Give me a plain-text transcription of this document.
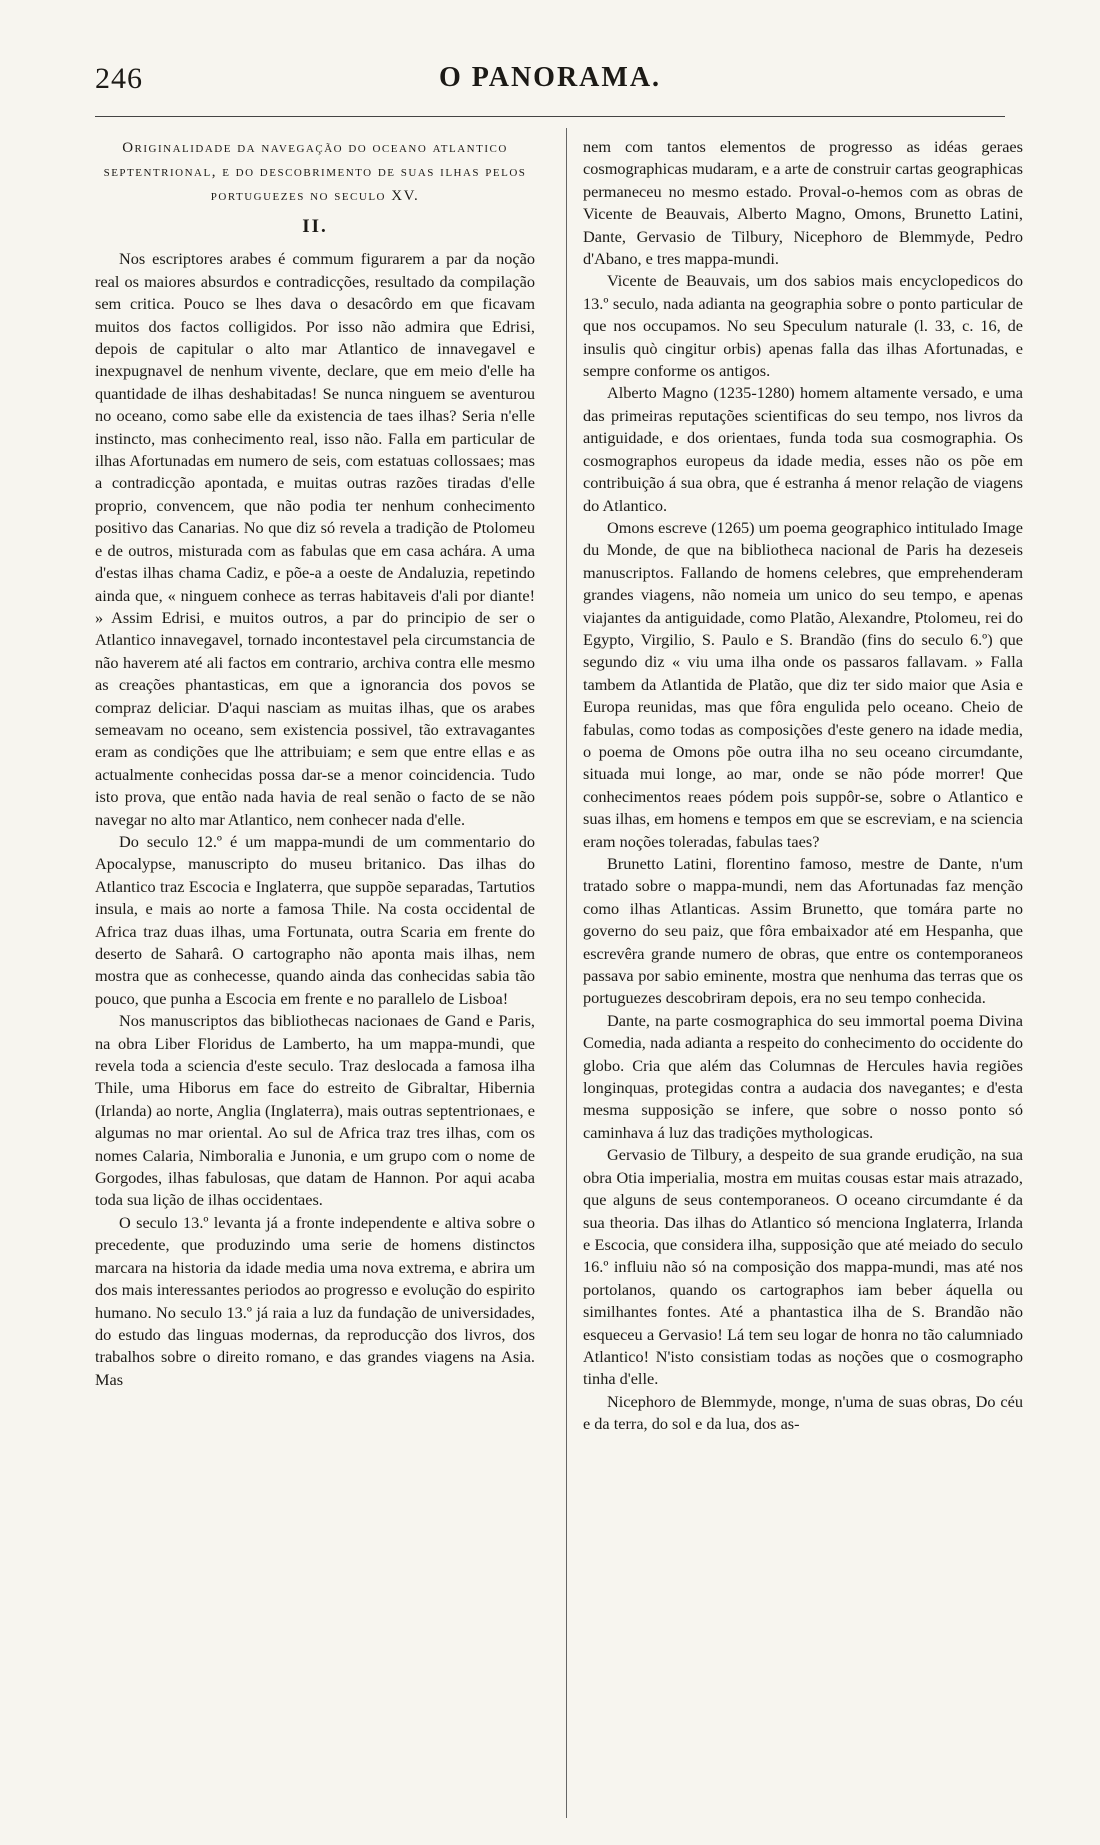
246	O PANORAMA.
Originalidade da navegação do oceano atlantico septentrional, e do descobrimento de suas ilhas pelos portuguezes no seculo XV.
II.

Nos escriptores arabes é commum figurarem a par da noção real os maiores absurdos e contradicções, resultado da compilação sem critica. Pouco se lhes dava o desacôrdo em que ficavam muitos dos factos colligidos. Por isso não admira que Edrisi, depois de capitular o alto mar Atlantico de innavegavel e inexpugnavel de nenhum vivente, declare, que em meio d'elle ha quantidade de ilhas deshabitadas! Se nunca ninguem se aventurou no oceano, como sabe elle da existencia de taes ilhas? Seria n'elle instincto, mas conhecimento real, isso não. Falla em particular de ilhas Afortunadas em numero de seis, com estatuas collossaes; mas a contradicção apontada, e muitas outras razões tiradas d'elle proprio, convencem, que não podia ter nenhum conhecimento positivo das Canarias. No que diz só revela a tradição de Ptolomeu e de outros, misturada com as fabulas que em casa achára. A uma d'estas ilhas chama Cadiz, e põe-a a oeste de Andaluzia, repetindo ainda que, « ninguem conhece as terras habitaveis d'ali por diante! » Assim Edrisi, e muitos outros, a par do principio de ser o Atlantico innavegavel, tornado incontestavel pela circumstancia de não haverem até ali factos em contrario, archiva contra elle mesmo as creações phantasticas, em que a ignorancia dos povos se compraz deliciar. D'aqui nasciam as muitas ilhas, que os arabes semeavam no oceano, sem existencia possivel, tão extravagantes eram as condições que lhe attribuiam; e sem que entre ellas e as actualmente conhecidas possa dar-se a menor coincidencia. Tudo isto prova, que então nada havia de real senão o facto de se não navegar no alto mar Atlantico, nem conhecer nada d'elle.

Do seculo 12.º é um mappa-mundi de um commentario do Apocalypse, manuscripto do museu britanico. Das ilhas do Atlantico traz Escocia e Inglaterra, que suppõe separadas, Tartutios insula, e mais ao norte a famosa Thile. Na costa occidental de Africa traz duas ilhas, uma Fortunata, outra Scaria em frente do deserto de Saharâ. O cartographo não aponta mais ilhas, nem mostra que as conhecesse, quando ainda das conhecidas sabia tão pouco, que punha a Escocia em frente e no parallelo de Lisboa!

Nos manuscriptos das bibliothecas nacionaes de Gand e Paris, na obra Liber Floridus de Lamberto, ha um mappa-mundi, que revela toda a sciencia d'este seculo. Traz deslocada a famosa ilha Thile, uma Hiborus em face do estreito de Gibraltar, Hibernia (Irlanda) ao norte, Anglia (Inglaterra), mais outras septentrionaes, e algumas no mar oriental. Ao sul de Africa traz tres ilhas, com os nomes Calaria, Nimboralia e Junonia, e um grupo com o nome de Gorgodes, ilhas fabulosas, que datam de Hannon. Por aqui acaba toda sua lição de ilhas occidentaes.

O seculo 13.º levanta já a fronte independente e altiva sobre o precedente, que produzindo uma serie de homens distinctos marcara na historia da idade media uma nova extrema, e abrira um dos mais interessantes periodos ao progresso e evolução do espirito humano. No seculo 13.º já raia a luz da fundação de universidades, do estudo das linguas modernas, da reproducção dos livros, dos trabalhos sobre o direito romano, e das grandes viagens na Asia. Mas

nem com tantos elementos de progresso as idéas geraes cosmographicas mudaram, e a arte de construir cartas geographicas permaneceu no mesmo estado. Proval-o-hemos com as obras de Vicente de Beauvais, Alberto Magno, Omons, Brunetto Latini, Dante, Gervasio de Tilbury, Nicephoro de Blemmyde, Pedro d'Abano, e tres mappa-mundi.

Vicente de Beauvais, um dos sabios mais encyclopedicos do 13.º seculo, nada adianta na geographia sobre o ponto particular de que nos occupamos. No seu Speculum naturale (l. 33, c. 16, de insulis quò cingitur orbis) apenas falla das ilhas Afortunadas, e sempre conforme os antigos.

Alberto Magno (1235-1280) homem altamente versado, e uma das primeiras reputações scientificas do seu tempo, nos livros da antiguidade, e dos orientaes, funda toda sua cosmographia. Os cosmographos europeus da idade media, esses não os põe em contribuição á sua obra, que é estranha á menor relação de viagens do Atlantico.

Omons escreve (1265) um poema geographico intitulado Image du Monde, de que na bibliotheca nacional de Paris ha dezeseis manuscriptos. Fallando de homens celebres, que emprehenderam grandes viagens, não nomeia um unico do seu tempo, e apenas viajantes da antiguidade, como Platão, Alexandre, Ptolomeu, rei do Egypto, Virgilio, S. Paulo e S. Brandão (fins do seculo 6.º) que segundo diz « viu uma ilha onde os passaros fallavam. » Falla tambem da Atlantida de Platão, que diz ter sido maior que Asia e Europa reunidas, mas que fôra engulida pelo oceano. Cheio de fabulas, como todas as composições d'este genero na idade media, o poema de Omons põe outra ilha no seu oceano circumdante, situada mui longe, ao mar, onde se não póde morrer! Que conhecimentos reaes pódem pois suppôr-se, sobre o Atlantico e suas ilhas, em homens e tempos em que se escreviam, e na sciencia eram noções toleradas, fabulas taes?

Brunetto Latini, florentino famoso, mestre de Dante, n'um tratado sobre o mappa-mundi, nem das Afortunadas faz menção como ilhas Atlanticas. Assim Brunetto, que tomára parte no governo do seu paiz, que fôra embaixador até em Hespanha, que escrevêra grande numero de obras, que entre os contemporaneos passava por sabio eminente, mostra que nenhuma das terras que os portuguezes descobriram depois, era no seu tempo conhecida.

Dante, na parte cosmographica do seu immortal poema Divina Comedia, nada adianta a respeito do conhecimento do occidente do globo. Cria que além das Columnas de Hercules havia regiões longinquas, protegidas contra a audacia dos navegantes; e d'esta mesma supposição se infere, que sobre o nosso ponto só caminhava á luz das tradições mythologicas.

Gervasio de Tilbury, a despeito de sua grande erudição, na sua obra Otia imperialia, mostra em muitas cousas estar mais atrazado, que alguns de seus contemporaneos. O oceano circumdante é da sua theoria. Das ilhas do Atlantico só menciona Inglaterra, Irlanda e Escocia, que considera ilha, supposição que até meiado do seculo 16.º influiu não só na composição dos mappa-mundi, mas até nos portolanos, quando os cartographos iam beber áquella ou similhantes fontes. Até a phantastica ilha de S. Brandão não esqueceu a Gervasio! Lá tem seu logar de honra no tão calumniado Atlantico! N'isto consistiam todas as noções que o cosmographo tinha d'elle.

Nicephoro de Blemmyde, monge, n'uma de suas obras, Do céu e da terra, do sol e da lua, dos as-
